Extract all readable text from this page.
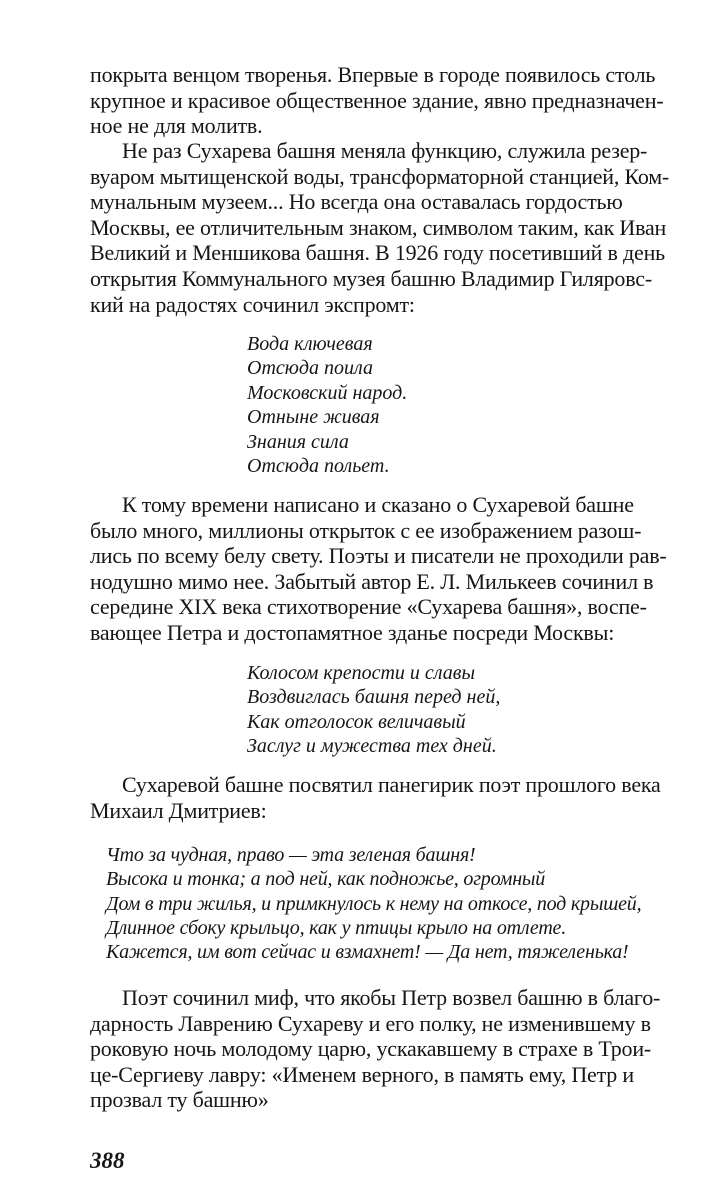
покрыта венцом творенья. Впервые в городе появилось столь
крупное и красивое общественное здание, явно предназначен-
ное не для молитв.
Не раз Сухарева башня меняла функцию, служила резер-
вуаром мытищенской воды, трансформаторной станцией, Ком-
мунальным музеем... Но всегда она оставалась гордостью
Москвы, ее отличительным знаком, символом таким, как Иван
Великий и Меншикова башня. В 1926 году посетивший в день
открытия Коммунального музея башню Владимир Гиляровс-
кий на радостях сочинил экспромт:
Вода ключевая
Отсюда поила
Московский народ.
Отныне живая
Знания сила
Отсюда польет.
К тому времени написано и сказано о Сухаревой башне
было много, миллионы открыток с ее изображением разош-
лись по всему белу свету. Поэты и писатели не проходили рав-
нодушно мимо нее. Забытый автор Е. Л. Милькеев сочинил в
середине XIX века стихотворение «Сухарева башня», воспе-
вающее Петра и достопамятное зданье посреди Москвы:
Колосом крепости и славы
Воздвиглась башня перед ней,
Как отголосок величавый
Заслуг и мужества тех дней.
Сухаревой башне посвятил панегирик поэт прошлого века
Михаил Дмитриев:
Что за чудная, право — эта зеленая башня!
Высока и тонка; а под ней, как подножье, огромный
Дом в три жилья, и примкнулось к нему на откосе, под крышей,
Длинное сбоку крыльцо, как у птицы крыло на отлете.
Кажется, им вот сейчас и взмахнет! — Да нет, тяжеленька!
Поэт сочинил миф, что якобы Петр возвел башню в благо-
дарность Лаврению Сухареву и его полку, не изменившему в
роковую ночь молодому царю, ускакавшему в страхе в Трои-
це-Сергиеву лавру: «Именем верного, в память ему, Петр и
прозвал ту башню»
388
